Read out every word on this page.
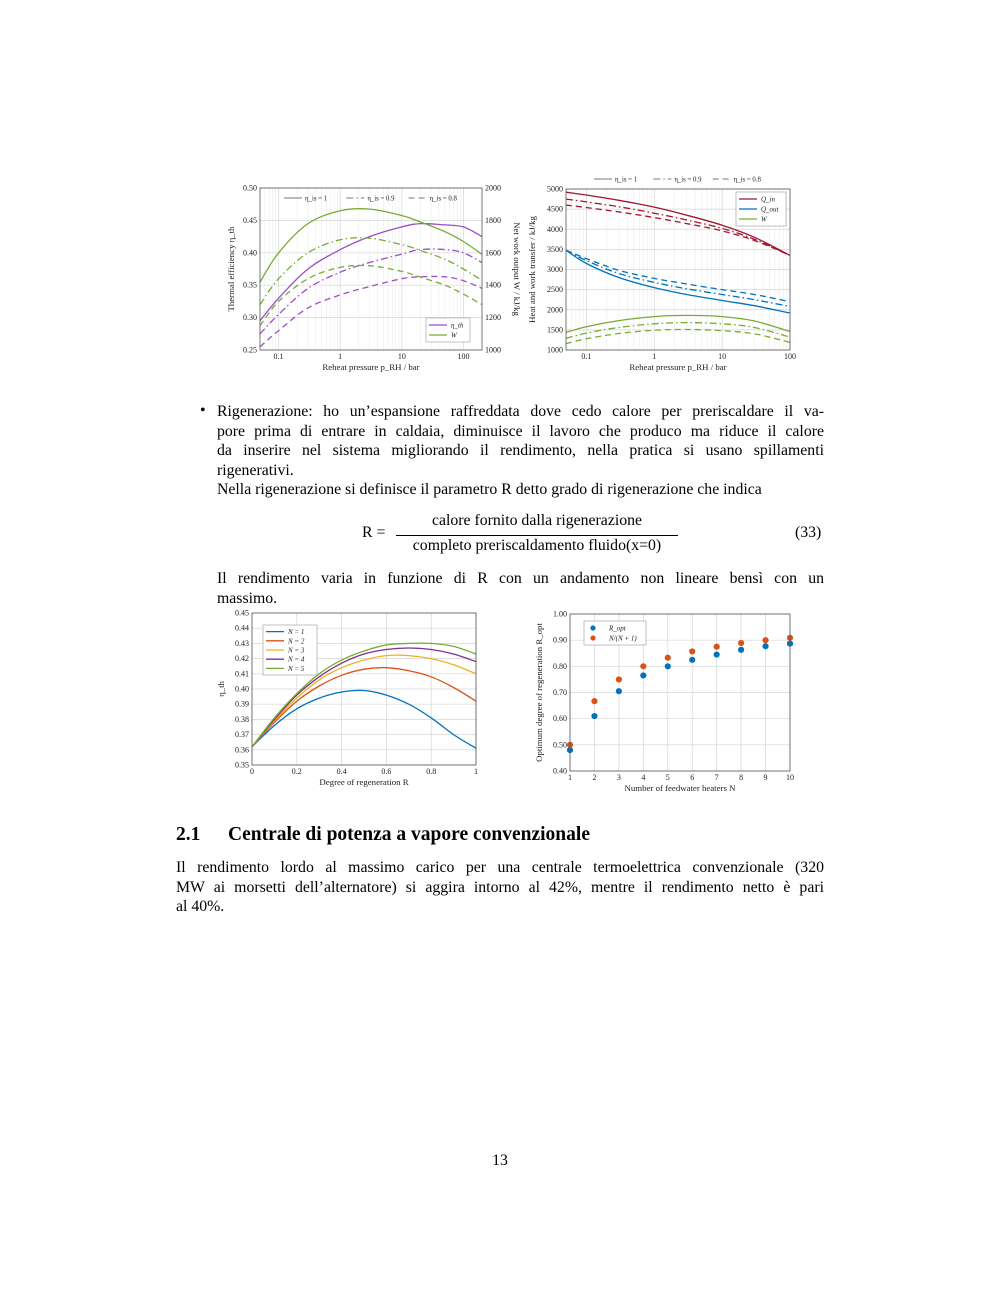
0.1	1	10	100
0.25
0.30
0.35
0.40
0.45
0.50
1000
1200
1400
1600
1800
2000
Reheat pressure p_RH / bar
Thermal efficiency η_th	Net work output W / kJ/kg
η_is = 1	η_is = 0.9	η_is = 0.8
η_th
W
0.1	1	10	100
1000
1500
2000
2500
3000
3500
4000
4500
5000
Reheat pressure p_RH / bar
Heat and work transfer / kJ/kg
η_is = 1	η_is = 0.9	η_is = 0.8
Q_in
Q_out
W
• Rigenerazione: ho un’espansione raffreddata dove cedo calore per preriscaldare il va-
pore prima di entrare in caldaia, diminuisce il lavoro che produco ma riduce il calore
da inserire nel sistema migliorando il rendimento, nella pratica si usano spillamenti
rigenerativi.
Nella rigenerazione si definisce il parametro R detto grado di rigenerazione che indica
R =
calore fornito dalla rigenerazione
completo preriscaldamento fluido(x=0)
(33)
Il rendimento varia in funzione di R con un andamento non lineare bensì con un
massimo.
0	0.2	0.4	0.6	0.8	1
0.35
0.36
0.37
0.38
0.39
0.40
0.41
0.42
0.43
0.44
0.45
Degree of regeneration R
η_th
N = 1
N = 2
N = 3
N = 4
N = 5
1	2	3	4	5	6	7	8	9 10
0.40
0.50
0.60
0.70
0.80
0.90
1.00
Number of feedwater heaters N
Optimum degree of regeneration R_opt	R_opt
N/(N + 1)
2.1 Centrale di potenza a vapore convenzionale
Il rendimento lordo al massimo carico per una centrale termoelettrica convenzionale (320
MW ai morsetti dell’alternatore) si aggira intorno al 42%, mentre il rendimento netto è pari
al 40%.
13
